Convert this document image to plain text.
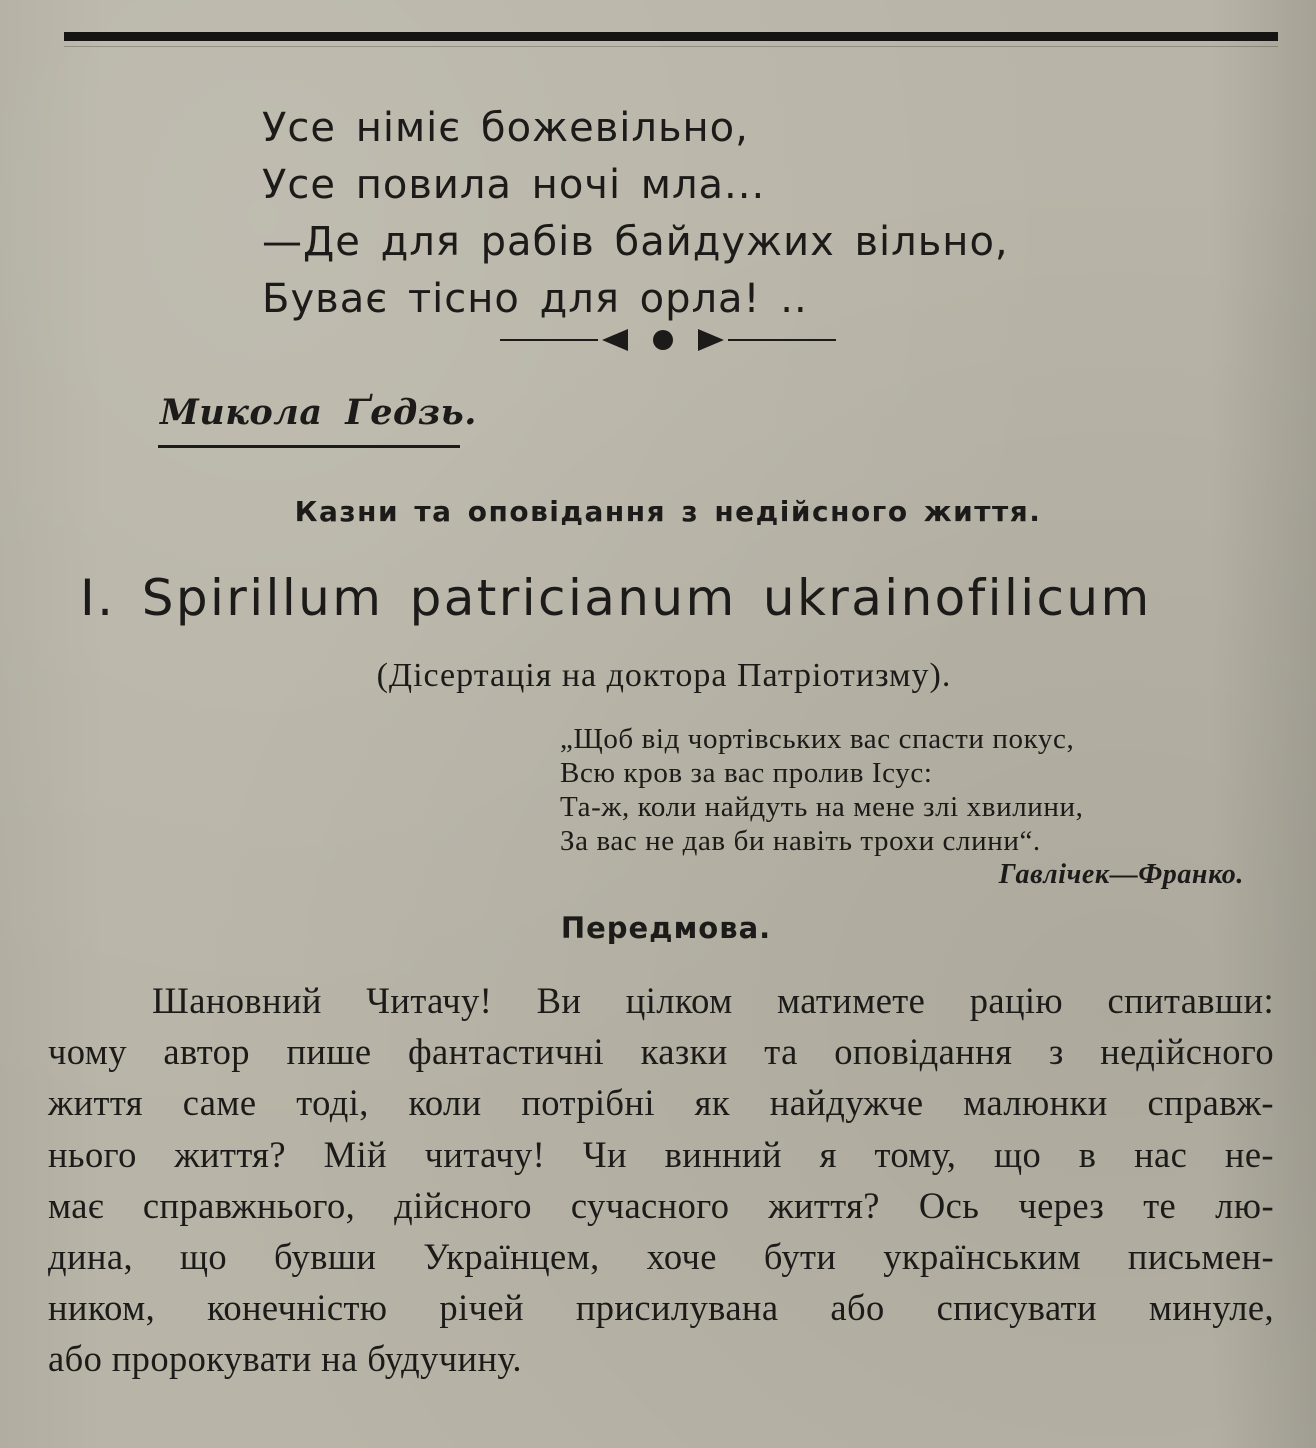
Усе німіє божевільно,
Усе повила ночі мла...
—Де для рабів байдужих вільно,
Буває тісно для орла! ..
Микола Ґедзь.
Казни та оповідання з недійсного життя.
I. Spirillum patricianum ukrainofilicum
(Дісертація на доктора Патріотизму).
„Щоб від чортівських вас спасти покус,
Всю кров за вас пролив Ісус:
Та-ж, коли найдуть на мене злі хвилини,
За вас не дав би навіть трохи слини“.
Гавлічек—Франко.
Передмова.
Шановний Читачу! Ви цілком матимете рацію спитавши:
чому автор пише фантастичні казки та оповідання з недійсного
життя саме тоді, коли потрібні як найдужче малюнки справж-
нього життя? Мій читачу! Чи винний я тому, що в нас не-
має справжнього, дійсного сучасного життя? Ось через те лю-
дина, що бувши Українцем, хоче бути українським письмен-
ником, конечністю річей присилувана або списувати минуле,
або пророкувати на будучину.
